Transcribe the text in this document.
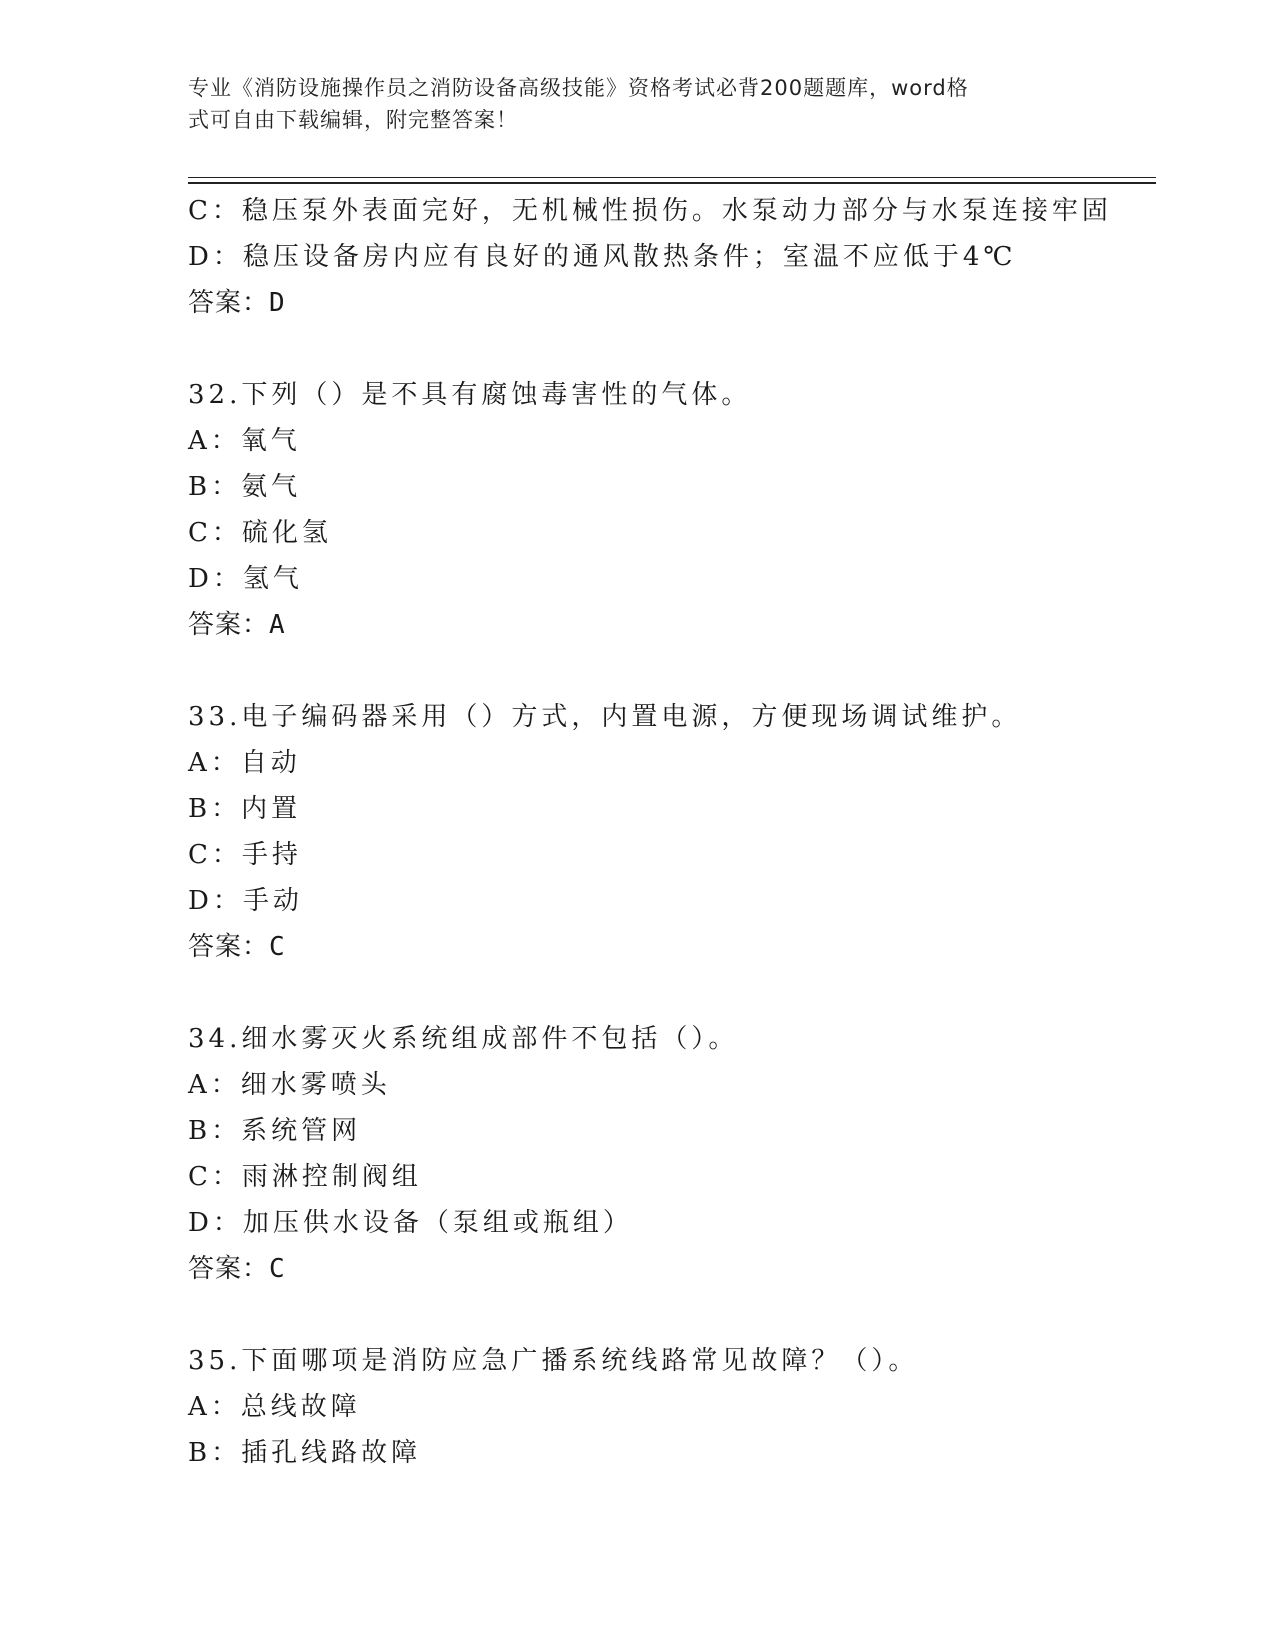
专业《消防设施操作员之消防设备高级技能》资格考试必背200题题库，word格
式可自由下载编辑，附完整答案！
C：稳压泵外表面完好，无机械性损伤。水泵动力部分与水泵连接牢固
D：稳压设备房内应有良好的通风散热条件；室温不应低于4℃
答案：D
32.下列（）是不具有腐蚀毒害性的气体。
A：氧气
B：氨气
C：硫化氢
D：氢气
答案：A
33.电子编码器采用（）方式，内置电源，方便现场调试维护。
A：自动
B：内置
C：手持
D：手动
答案：C
34.细水雾灭火系统组成部件不包括（）。
A：细水雾喷头
B：系统管网
C：雨淋控制阀组
D：加压供水设备（泵组或瓶组）
答案：C
35.下面哪项是消防应急广播系统线路常见故障？（）。
A：总线故障
B：插孔线路故障
